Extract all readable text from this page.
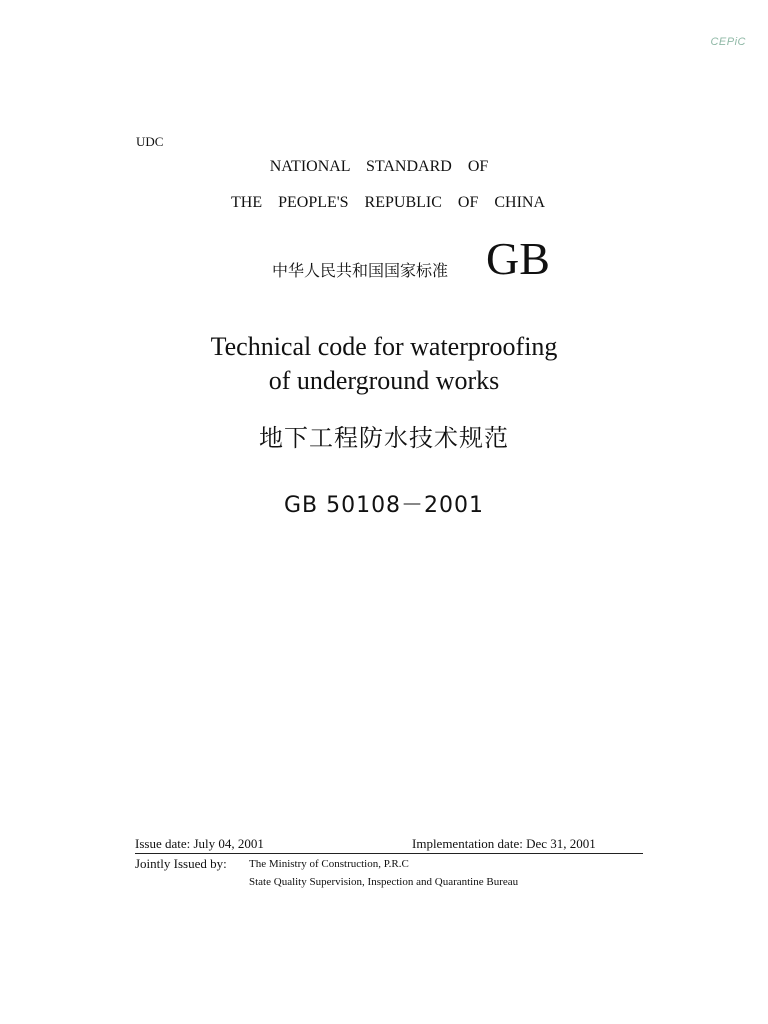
CEPiC
UDC
NATIONAL STANDARD OF
THE PEOPLE'S REPUBLIC OF CHINA
中华人民共和国国家标准 GB
Technical code for waterproofing
of underground works
地下工程防水技术规范
GB 50108－2001
Issue date: July 04, 2001	Implementation date: Dec 31, 2001
Jointly Issued by: The Ministry of Construction, P.R.C
State Quality Supervision, Inspection and Quarantine Bureau
